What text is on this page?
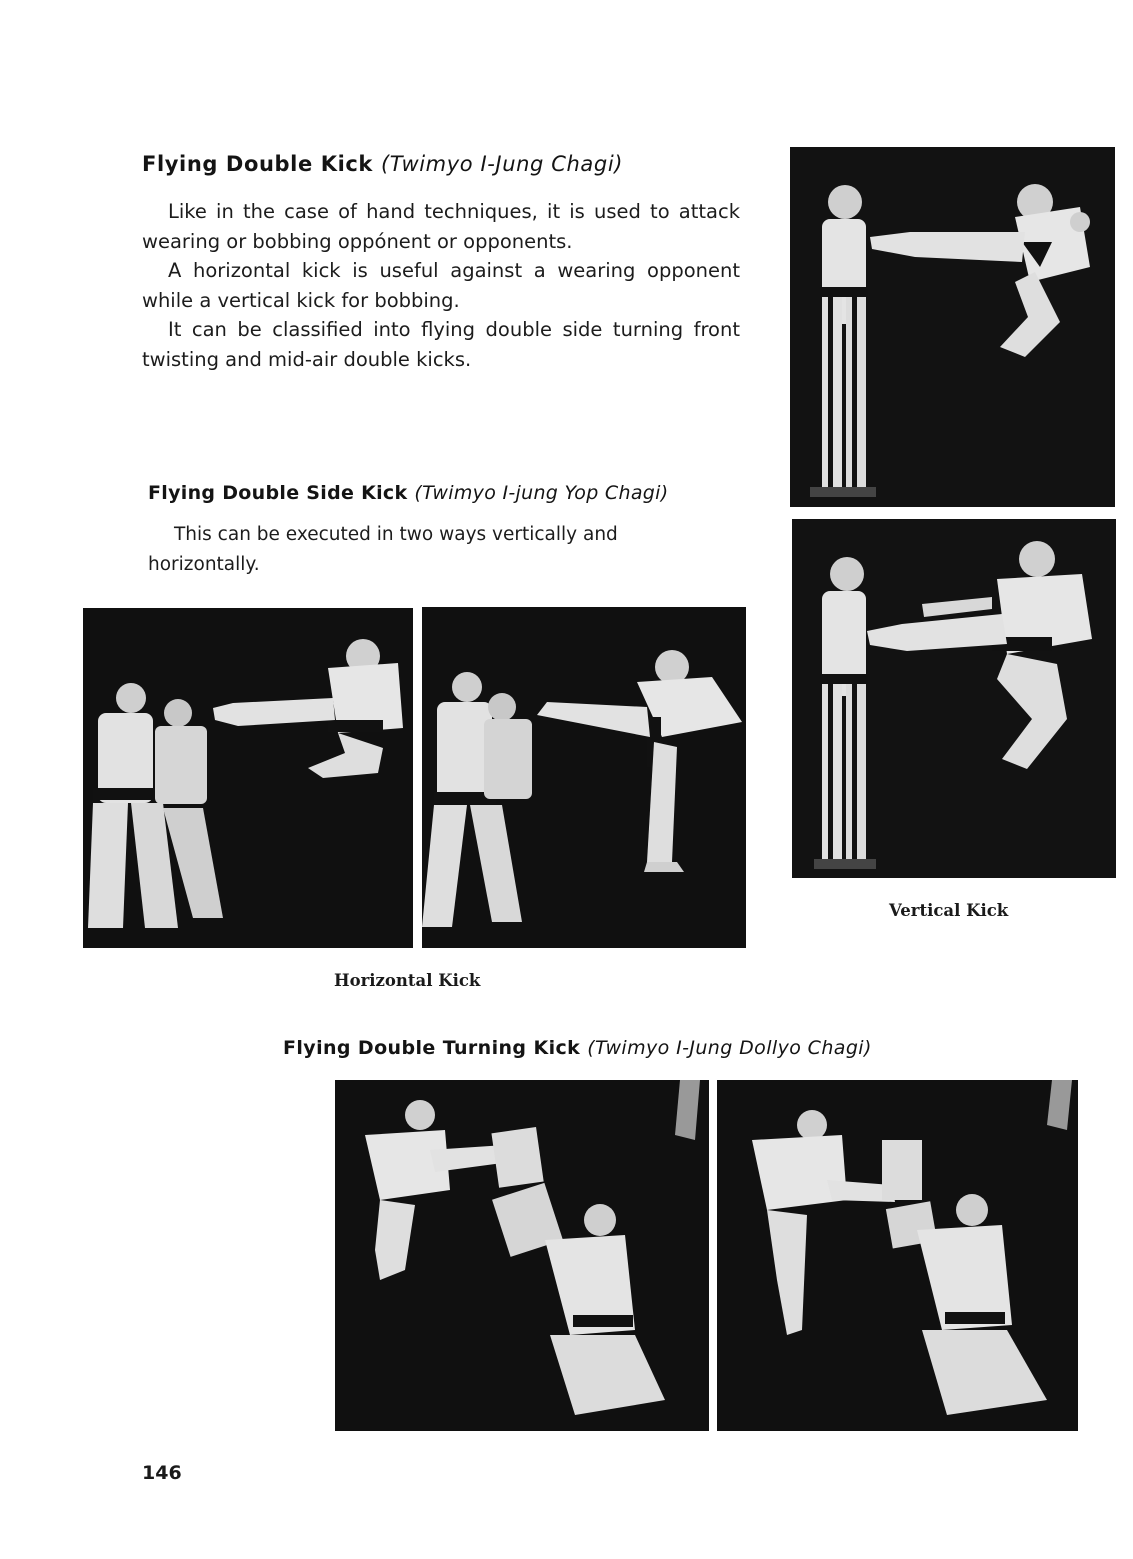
Flying Double Kick (Twimyo I-Jung Chagi)

Like in the case of hand techniques, it is used to attack wearing or bobbing oppónent or opponents.

A horizontal kick is useful against a wearing opponent while a vertical kick for bobbing.

It can be classified into flying double side turning front twisting and mid-air double kicks.

Vertical Kick
Flying Double Side Kick (Twimyo I-jung Yop Chagi)

This can be executed in two ways vertically and horizontally.

Horizontal Kick
Flying Double Turning Kick (Twimyo I-Jung Dollyo Chagi)
146
